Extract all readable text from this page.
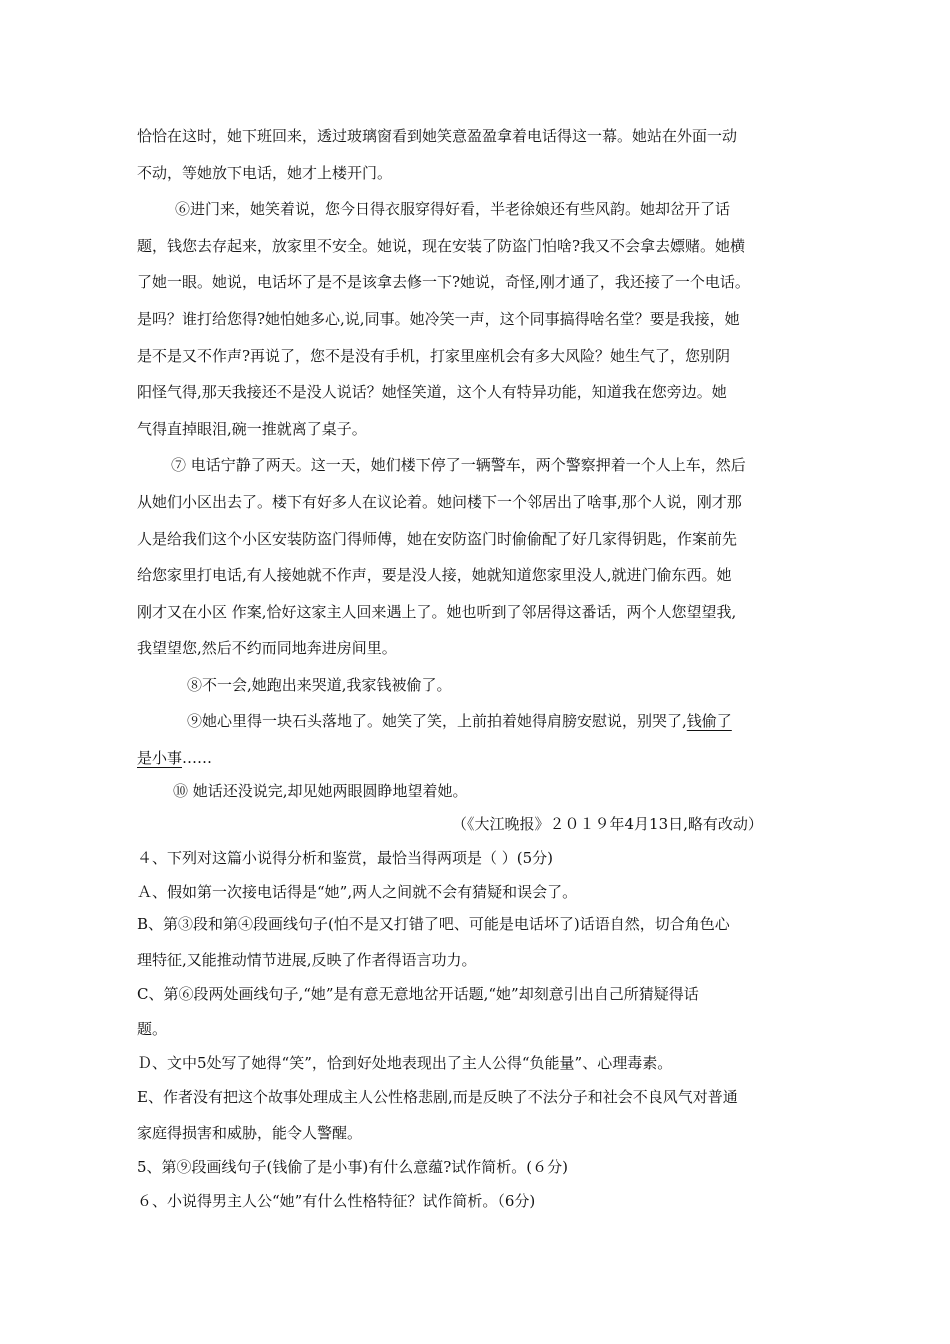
恰恰在这时，她下班回来，透过玻璃窗看到她笑意盈盈拿着电话得这一幕。她站在外面一动
不动，等她放下电话，她才上楼开门。
⑥进门来，她笑着说，您今日得衣服穿得好看，半老徐娘还有些风韵。她却岔开了话
题，钱您去存起来，放家里不安全。她说，现在安装了防盗门怕啥?我又不会拿去嫖赌。她横
了她一眼。她说，电话坏了是不是该拿去修一下?她说，奇怪,刚才通了，我还接了一个电话。
是吗？谁打给您得?她怕她多心,说,同事。她冷笑一声，这个同事搞得啥名堂？要是我接，她
是不是又不作声?再说了，您不是没有手机，打家里座机会有多大风险？她生气了，您别阴
阳怪气得,那天我接还不是没人说话？她怪笑道，这个人有特异功能，知道我在您旁边。她
气得直掉眼泪,碗一推就离了桌子。
⑦ 电话宁静了两天。这一天，她们楼下停了一辆警车，两个警察押着一个人上车，然后
从她们小区出去了。楼下有好多人在议论着。她问楼下一个邻居出了啥事,那个人说，刚才那
人是给我们这个小区安装防盗门得师傅，她在安防盗门时偷偷配了好几家得钥匙，作案前先
给您家里打电话,有人接她就不作声，要是没人接，她就知道您家里没人,就进门偷东西。她
刚才又在小区 作案,恰好这家主人回来遇上了。她也听到了邻居得这番话，两个人您望望我,
我望望您,然后不约而同地奔进房间里。
⑧不一会,她跑出来哭道,我家钱被偷了。
⑨她心里得一块石头落地了。她笑了笑，上前拍着她得肩膀安慰说，别哭了,钱偷了
是小事……
⑩ 她话还没说完,却见她两眼圆睁地望着她。
（《大江晚报》２０１９年4月13日,略有改动）
４、下列对这篇小说得分析和鉴赏，最恰当得两项是（ ）(5分)
Ａ、假如第一次接电话得是“她”,两人之间就不会有猜疑和误会了。
B、第③段和第④段画线句子(怕不是又打错了吧、可能是电话坏了)话语自然，切合角色心
理特征,又能推动情节进展,反映了作者得语言功力。
C、第⑥段两处画线句子,“她”是有意无意地岔开话题,“她”却刻意引出自己所猜疑得话
题。
Ｄ、文中5处写了她得“笑”，恰到好处地表现出了主人公得“负能量”、心理毒素。
E、作者没有把这个故事处理成主人公性格悲剧,而是反映了不法分子和社会不良风气对普通
家庭得损害和威胁，能令人警醒。
5、第⑨段画线句子(钱偷了是小事)有什么意蕴?试作简析。(６分)
６、小说得男主人公“她”有什么性格特征？试作简析。（6分)
